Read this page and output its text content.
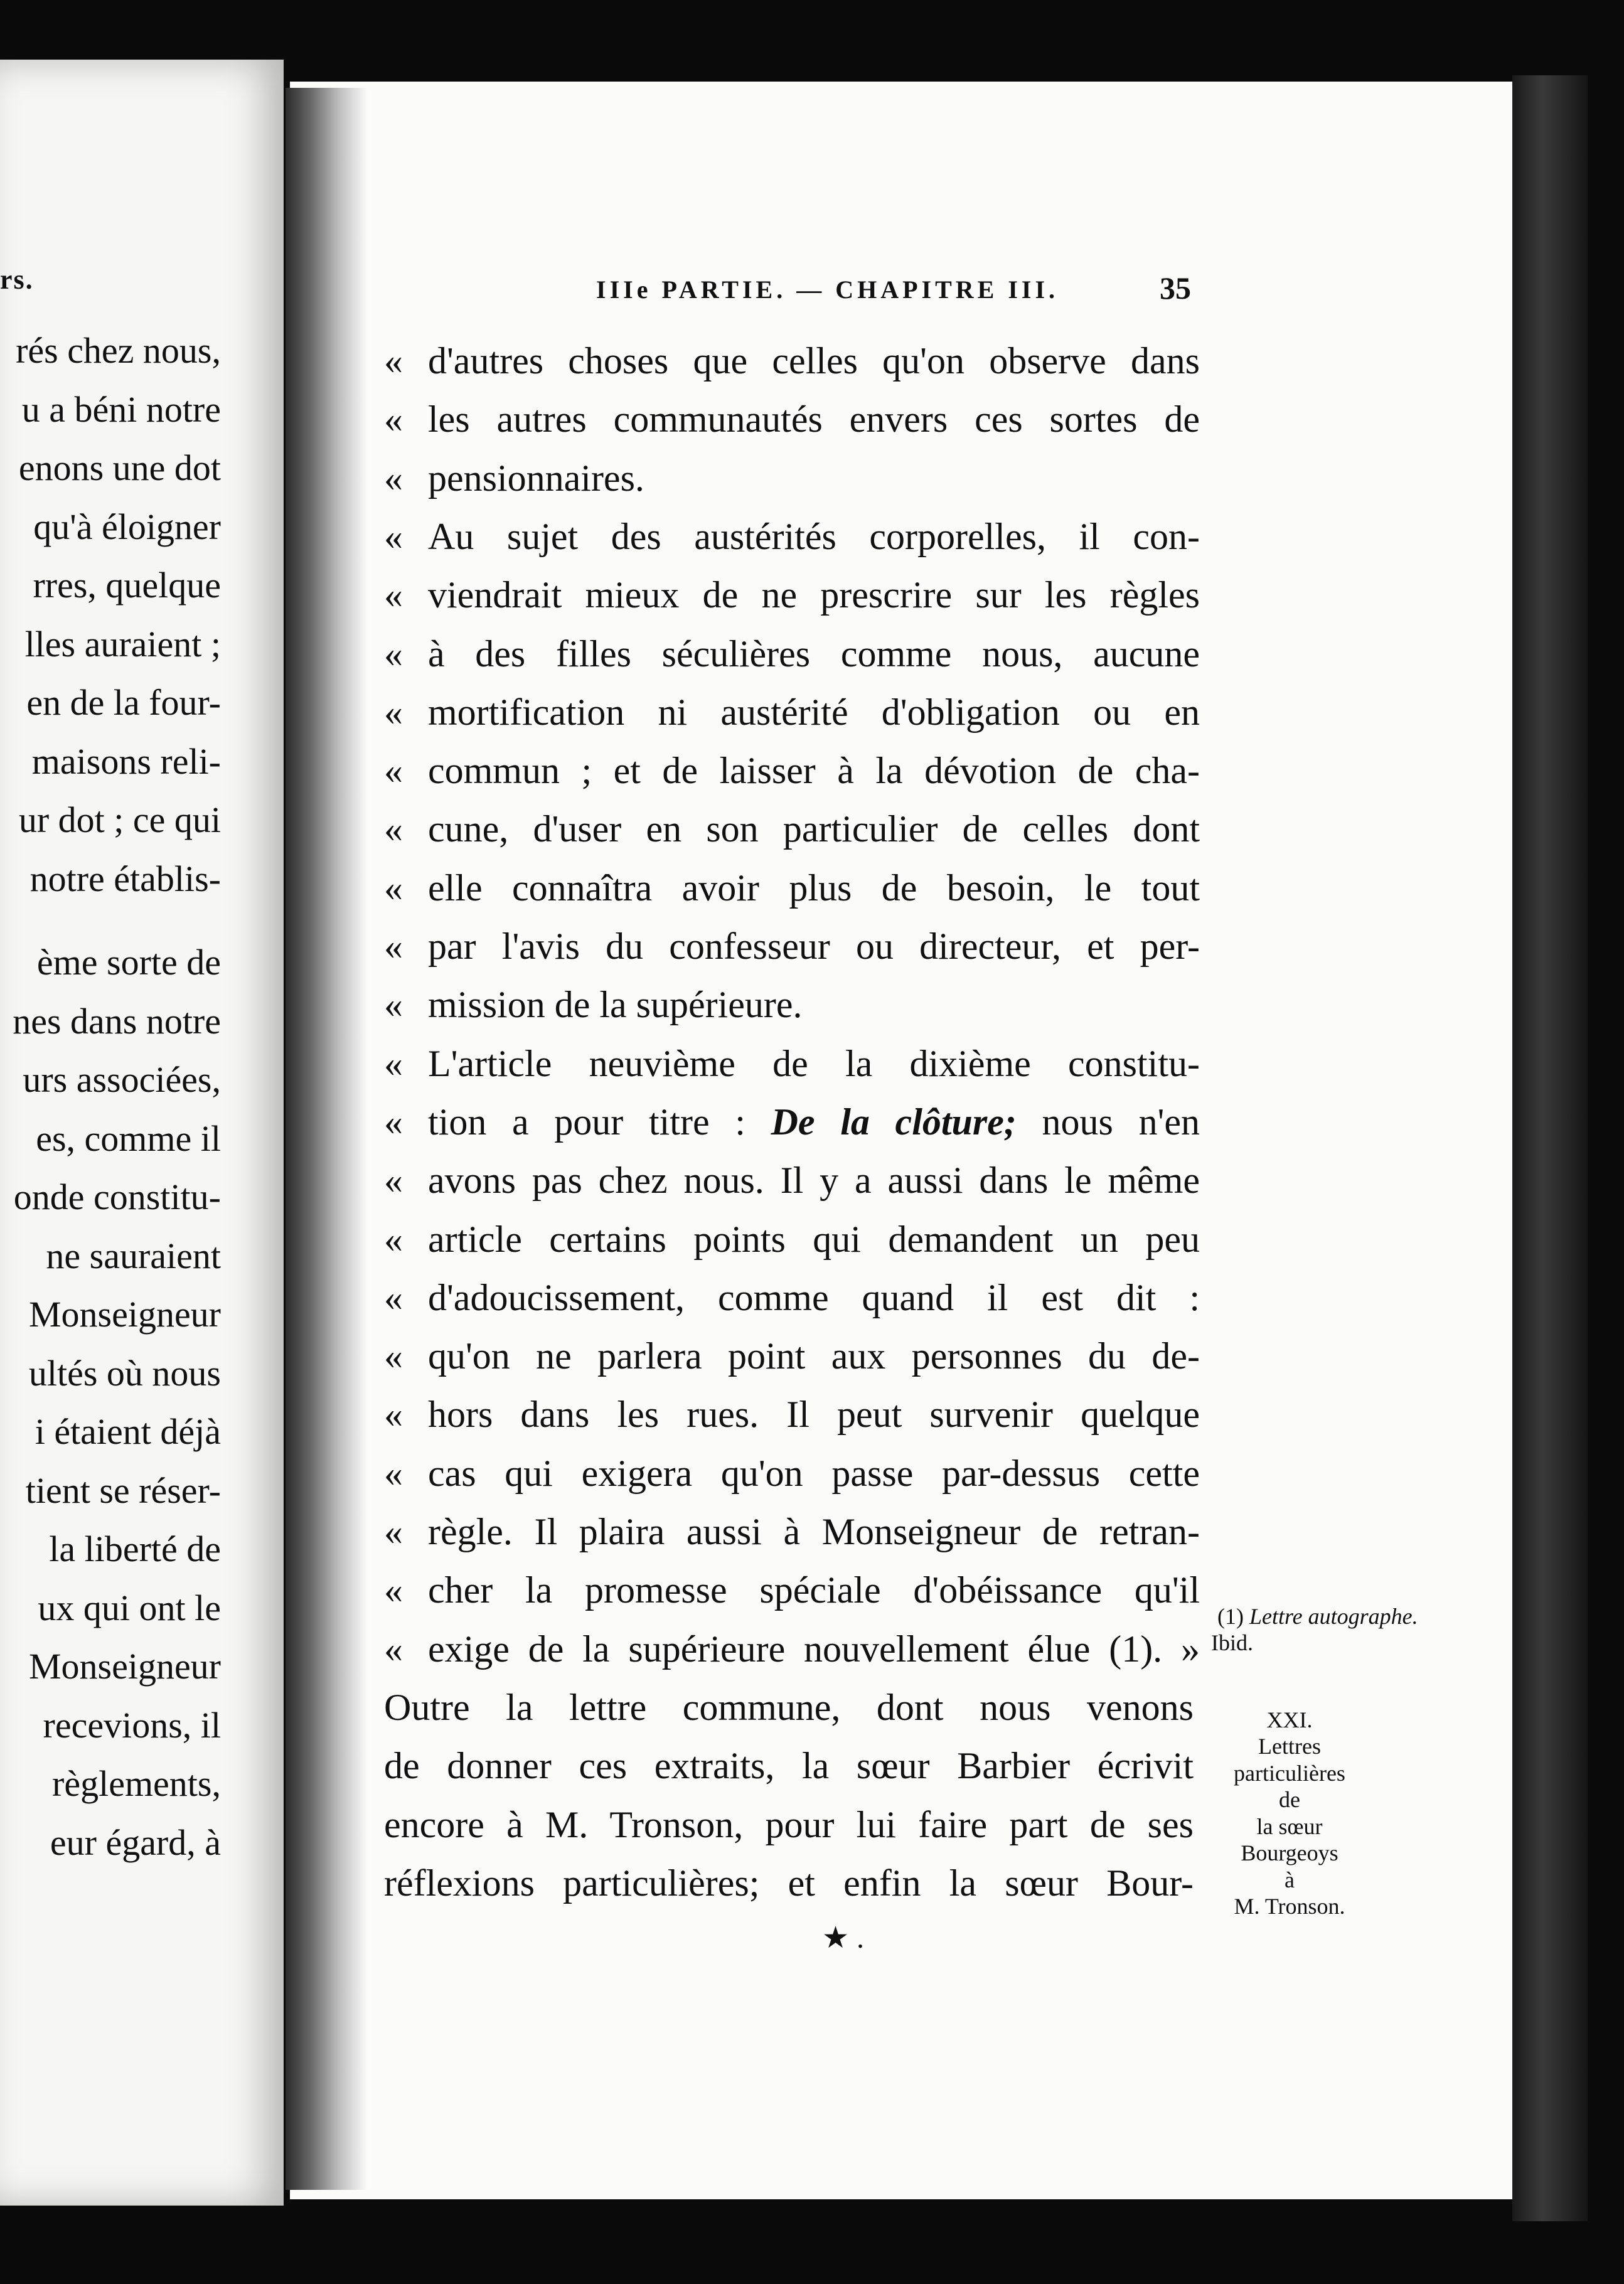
rs.
rés chez nous,
u a béni notre
enons une dot
qu'à éloigner
rres, quelque
lles auraient ;
en de la four-
maisons reli-
ur dot ; ce qui
notre établis-
ème sorte de
nes dans notre
urs associées,
es, comme il
onde constitu-
ne sauraient
Monseigneur
ultés où nous
i étaient déjà
tient se réser-
la liberté de
ux qui ont le
Monseigneur
recevions, il
règlements,
eur égard, à
IIIe PARTIE. — CHAPITRE III.	35
« d'autres choses que celles qu'on observe dans
« les autres communautés envers ces sortes de
« pensionnaires.
« Au sujet des austérités corporelles, il con-
« viendrait mieux de ne prescrire sur les règles
« à des filles séculières comme nous, aucune
« mortification ni austérité d'obligation ou en
« commun ; et de laisser à la dévotion de cha-
« cune, d'user en son particulier de celles dont
« elle connaîtra avoir plus de besoin, le tout
« par l'avis du confesseur ou directeur, et per-
« mission de la supérieure.
« L'article neuvième de la dixième constitu-
« tion a pour titre : De la clôture; nous n'en
« avons pas chez nous. Il y a aussi dans le même
« article certains points qui demandent un peu
« d'adoucissement, comme quand il est dit :
« qu'on ne parlera point aux personnes du de-
« hors dans les rues. Il peut survenir quelque
« cas qui exigera qu'on passe par-dessus cette
« règle. Il plaira aussi à Monseigneur de retran-
« cher la promesse spéciale d'obéissance qu'il
« exige de la supérieure nouvellement élue (1). »
Outre la lettre commune, dont nous venons
de donner ces extraits, la sœur Barbier écrivit
encore à M. Tronson, pour lui faire part de ses
réflexions particulières; et enfin la sœur Bour-
(1) Lettre autographe.
Ibid.
XXI.
Lettres
particulières
de
la sœur
Bourgeoys
à
M. Tronson.
★ .
